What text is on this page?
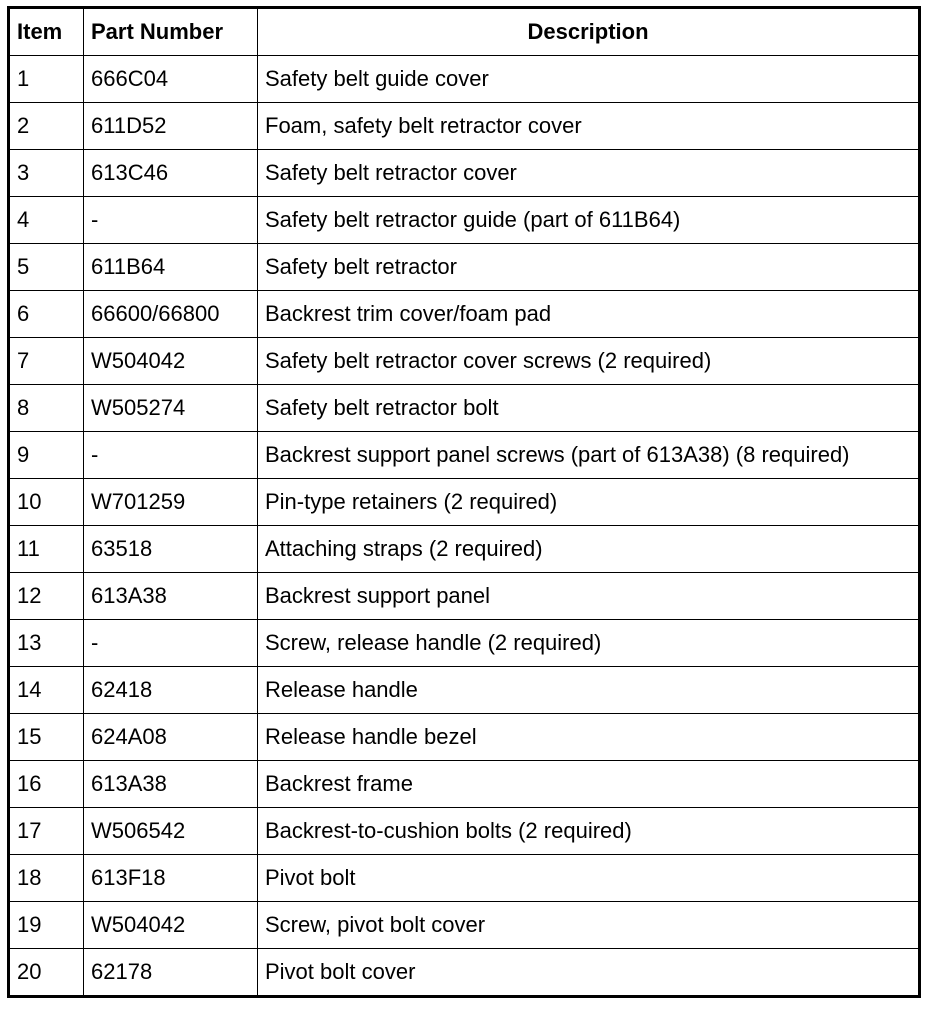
Item	Part Number	Description
1	666C04	Safety belt guide cover
2	611D52	Foam, safety belt retractor cover
3	613C46	Safety belt retractor cover
4	-	Safety belt retractor guide (part of 611B64)
5	611B64	Safety belt retractor
6	66600/66800	Backrest trim cover/foam pad
7	W504042	Safety belt retractor cover screws (2 required)
8	W505274	Safety belt retractor bolt
9	-	Backrest support panel screws (part of 613A38) (8 required)
10	W701259	Pin-type retainers (2 required)
11	63518	Attaching straps (2 required)
12	613A38	Backrest support panel
13	-	Screw, release handle (2 required)
14	62418	Release handle
15	624A08	Release handle bezel
16	613A38	Backrest frame
17	W506542	Backrest-to-cushion bolts (2 required)
18	613F18	Pivot bolt
19	W504042	Screw, pivot bolt cover
20	62178	Pivot bolt cover
